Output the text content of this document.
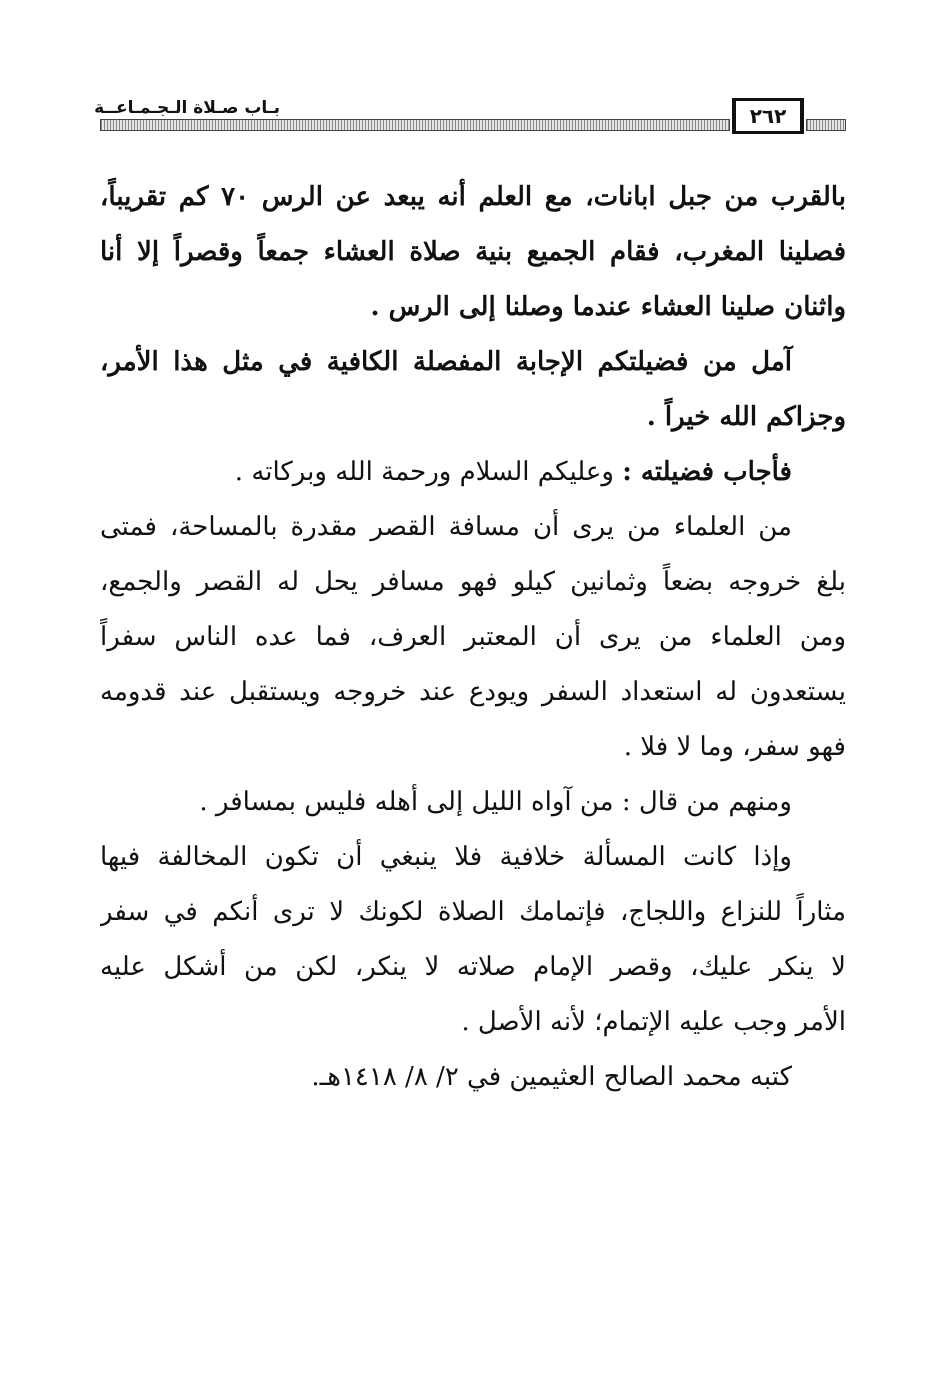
بـاب صـلاة الـجـمـاعــة	٢٦٢
بالقرب من جبل ابانات، مع العلم أنه يبعد عن الرس ٧٠ كم تقريباً،
فصلينا المغرب، فقام الجميع بنية صلاة العشاء جمعاً وقصراً إلا أنا
واثنان صلينا العشاء عندما وصلنا إلى الرس .
آمل من فضيلتكم الإجابة المفصلة الكافية في مثل هذا الأمر،
وجزاكم الله خيراً .
فأجاب فضيلته : وعليكم السلام ورحمة الله وبركاته .
من العلماء من يرى أن مسافة القصر مقدرة بالمساحة، فمتى
بلغ خروجه بضعاً وثمانين كيلو فهو مسافر يحل له القصر والجمع،
ومن العلماء من يرى أن المعتبر العرف، فما عده الناس سفراً
يستعدون له استعداد السفر ويودع عند خروجه ويستقبل عند قدومه
فهو سفر، وما لا فلا .
ومنهم من قال : من آواه الليل إلى أهله فليس بمسافر .
وإذا كانت المسألة خلافية فلا ينبغي أن تكون المخالفة فيها
مثاراً للنزاع واللجاج، فإتمامك الصلاة لكونك لا ترى أنكم في سفر
لا ينكر عليك، وقصر الإمام صلاته لا ينكر، لكن من أشكل عليه
الأمر وجب عليه الإتمام؛ لأنه الأصل .
كتبه محمد الصالح العثيمين في ٢/ ٨/ ١٤١٨هـ.
